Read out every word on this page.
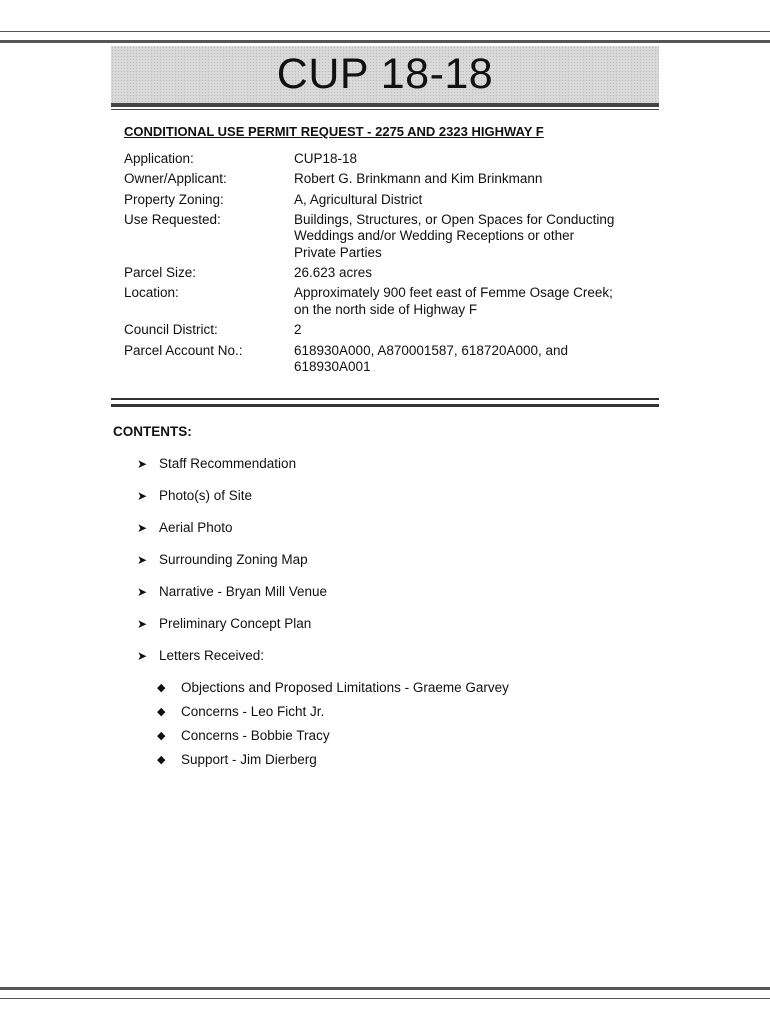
CUP 18-18
CONDITIONAL USE PERMIT REQUEST - 2275 AND 2323 HIGHWAY F
Application:	CUP18-18
Owner/Applicant:	Robert G. Brinkmann and Kim Brinkmann
Property Zoning:	A, Agricultural District
Use Requested:	Buildings, Structures, or Open Spaces for Conducting
Weddings and/or Wedding Receptions or other
Private Parties
Parcel Size:	26.623 acres
Location:	Approximately 900 feet east of Femme Osage Creek;
on the north side of Highway F
Council District:	2
Parcel Account No.:	618930A000, A870001587, 618720A000, and
618930A001
CONTENTS:
➤ Staff Recommendation
➤ Photo(s) of Site
➤ Aerial Photo
➤ Surrounding Zoning Map
➤ Narrative - Bryan Mill Venue
➤ Preliminary Concept Plan
➤ Letters Received:
◆	Objections and Proposed Limitations - Graeme Garvey
◆	Concerns - Leo Ficht Jr.
◆	Concerns - Bobbie Tracy
◆	Support - Jim Dierberg
